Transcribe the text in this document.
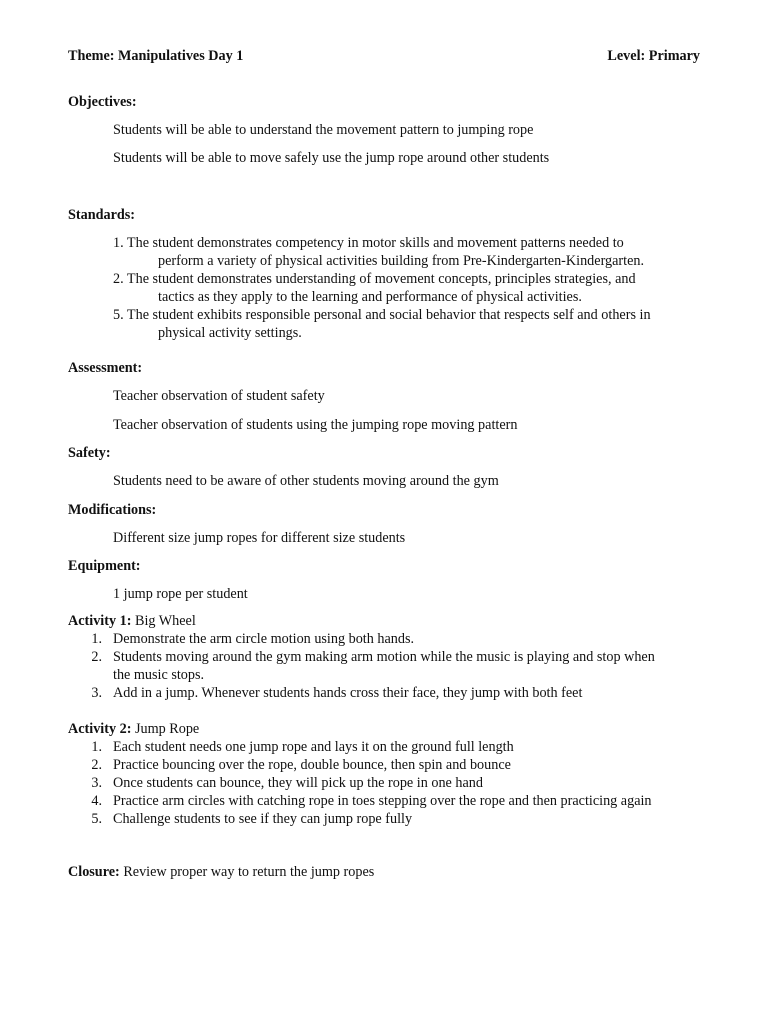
Theme: Manipulatives Day 1	Level: Primary
Objectives:
Students will be able to understand the movement pattern to jumping rope
Students will be able to move safely use the jump rope around other students
Standards:
1. The student demonstrates competency in motor skills and movement patterns needed to
perform a variety of physical activities building from Pre-Kindergarten-Kindergarten.
2. The student demonstrates understanding of movement concepts, principles strategies, and
tactics as they apply to the learning and performance of physical activities.
5. The student exhibits responsible personal and social behavior that respects self and others in
physical activity settings.
Assessment:
Teacher observation of student safety
Teacher observation of students using the jumping rope moving pattern
Safety:
Students need to be aware of other students moving around the gym
Modifications:
Different size jump ropes for different size students
Equipment:
1 jump rope per student
Activity 1: Big Wheel
1. Demonstrate the arm circle motion using both hands.
2. Students moving around the gym making arm motion while the music is playing and stop when
the music stops.
3. Add in a jump. Whenever students hands cross their face, they jump with both feet
Activity 2: Jump Rope
1. Each student needs one jump rope and lays it on the ground full length
2. Practice bouncing over the rope, double bounce, then spin and bounce
3. Once students can bounce, they will pick up the rope in one hand
4. Practice arm circles with catching rope in toes stepping over the rope and then practicing again
5. Challenge students to see if they can jump rope fully
Closure: Review proper way to return the jump ropes
